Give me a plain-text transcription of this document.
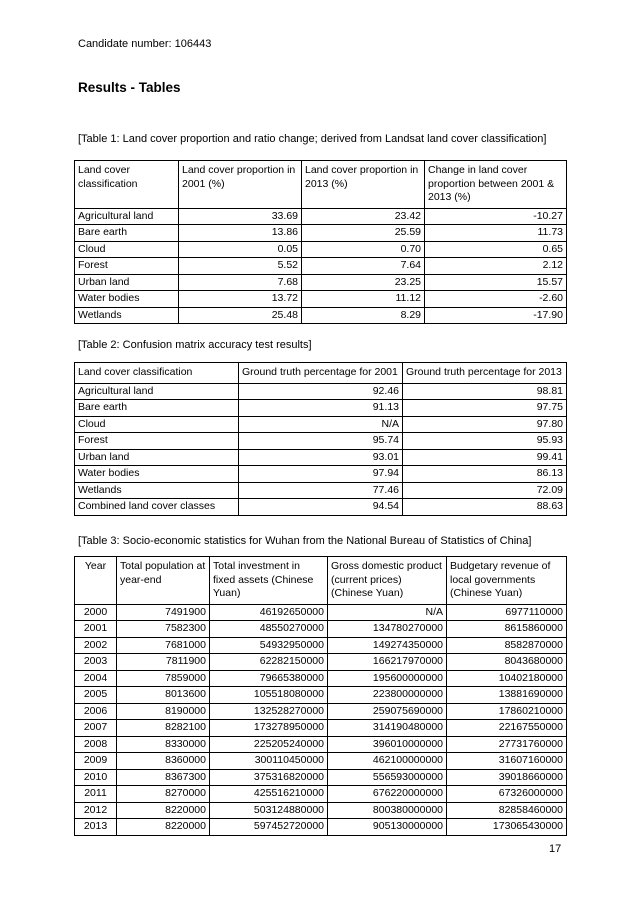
Candidate number: 106443
Results - Tables
[Table 1: Land cover proportion and ratio change; derived from Landsat land cover classification]
Land cover classification	Land cover proportion in 2001 (%)	Land cover proportion in 2013 (%)	Change in land cover proportion between 2001 & 2013 (%)
Agricultural land	33.69	23.42	-10.27
Bare earth	13.86	25.59	11.73
Cloud	0.05	0.70	0.65
Forest	5.52	7.64	2.12
Urban land	7.68	23.25	15.57
Water bodies	13.72	11.12	-2.60
Wetlands	25.48	8.29	-17.90
[Table 2: Confusion matrix accuracy test results]
Land cover classification	Ground truth percentage for 2001	Ground truth percentage for 2013
Agricultural land	92.46	98.81
Bare earth	91.13	97.75
Cloud	N/A	97.80
Forest	95.74	95.93
Urban land	93.01	99.41
Water bodies	97.94	86.13
Wetlands	77.46	72.09
Combined land cover classes	94.54	88.63
[Table 3: Socio-economic statistics for Wuhan from the National Bureau of Statistics of China]
Year	Total population at year-end	Total investment in fixed assets (Chinese Yuan)	Gross domestic product (current prices) (Chinese Yuan)	Budgetary revenue of local governments (Chinese Yuan)
2000	7491900	46192650000	N/A	6977110000
2001	7582300	48550270000	134780270000	8615860000
2002	7681000	54932950000	149274350000	8582870000
2003	7811900	62282150000	166217970000	8043680000
2004	7859000	79665380000	195600000000	10402180000
2005	8013600	105518080000	223800000000	13881690000
2006	8190000	132528270000	259075690000	17860210000
2007	8282100	173278950000	314190480000	22167550000
2008	8330000	225205240000	396010000000	27731760000
2009	8360000	300110450000	462100000000	31607160000
2010	8367300	375316820000	556593000000	39018660000
2011	8270000	425516210000	676220000000	67326000000
2012	8220000	503124880000	800380000000	82858460000
2013	8220000	597452720000	905130000000	173065430000
17
